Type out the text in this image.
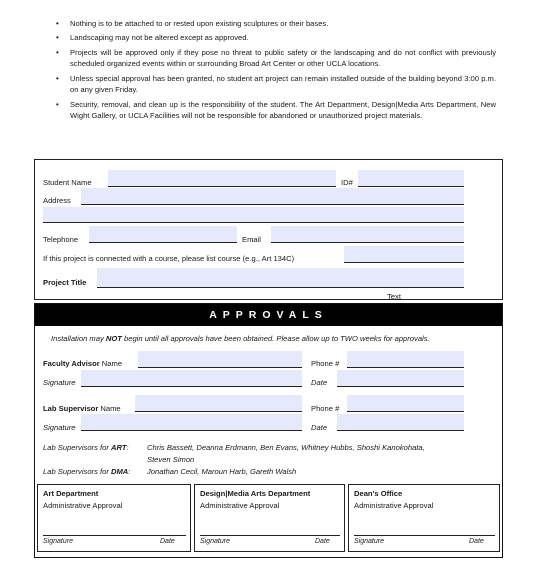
• Nothing is to be attached to or rested upon existing sculptures or their bases.
• Landscaping may not be altered except as approved.
• Projects will be approved only if they pose no threat to public safety or the landscaping and do not conflict with previously scheduled organized events within or surrounding Broad Art Center or other UCLA locations.
• Unless special approval has been granted, no student art project can remain installed outside of the building beyond 3:00 p.m. on any given Friday.
• Security, removal, and clean up is the responsibility of the student. The Art Department, Design|Media Arts Department, New Wight Gallery, or UCLA Facilities will not be responsible for abandoned or unauthorized project materials.
Student Name	ID#
Address
Telephone	Email
If this project is connected with a course, please list course (e.g., Art 134C)
Project Title
Text
APPROVALS
Installation may NOT begin until all approvals have been obtained. Please allow up to TWO weeks for approvals.
Faculty Advisor Name	Phone #
Signature	Date
Lab Supervisor Name	Phone #
Signature	Date
Lab Supervisors for ART: Chris Bassett, Deanna Erdmann, Ben Evans, Whitney Hubbs, Shoshi Kanokohata,
Steven Simon
Lab Supervisors for DMA: Jonathan Cecil, Maroun Harb, Gareth Walsh
Art Department
Administrative Approval
Signature	Date
Design|Media Arts Department
Administrative Approval
Signature	Date
Dean's Office
Administrative Approval
Signature	Date
